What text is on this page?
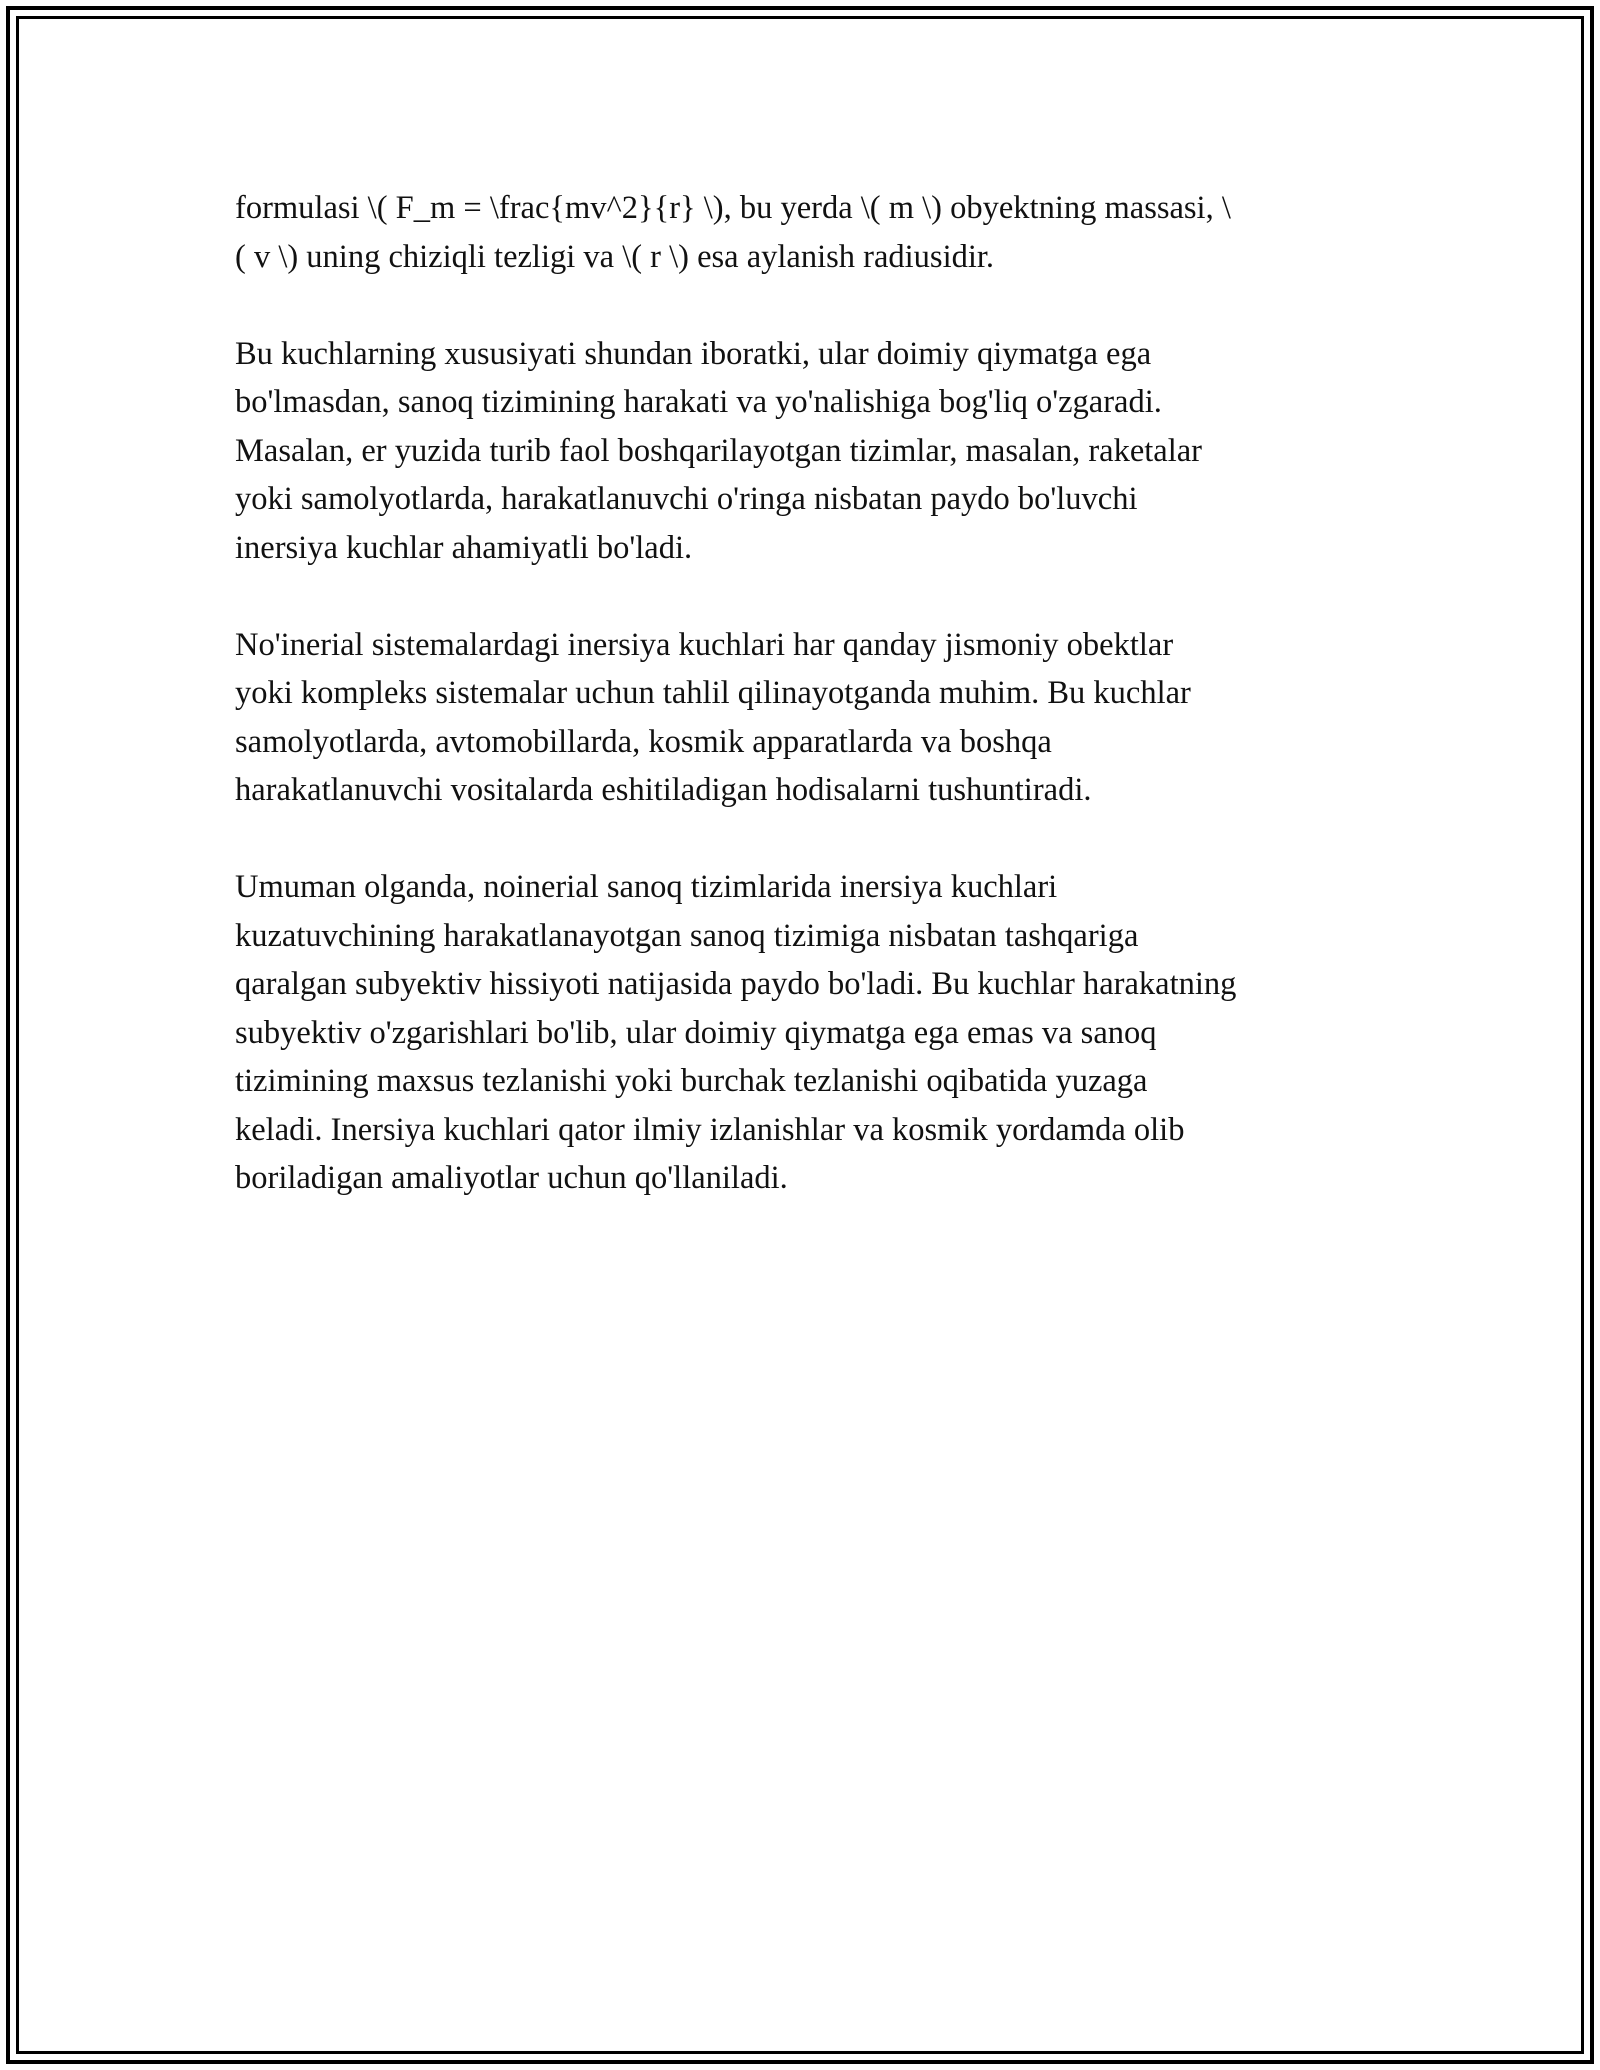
formulasi \( F_m = \frac{mv^2}{r} \), bu yerda \( m \) obyektning massasi, \
( v \) uning chiziqli tezligi va \( r \) esa aylanish radiusidir.

Bu kuchlarning xususiyati shundan iboratki, ular doimiy qiymatga ega
bo'lmasdan, sanoq tizimining harakati va yo'nalishiga bog'liq o'zgaradi.
Masalan, er yuzida turib faol boshqarilayotgan tizimlar, masalan, raketalar
yoki samolyotlarda, harakatlanuvchi o'ringa nisbatan paydo bo'luvchi
inersiya kuchlar ahamiyatli bo'ladi.

No'inerial sistemalardagi inersiya kuchlari har qanday jismoniy obektlar
yoki kompleks sistemalar uchun tahlil qilinayotganda muhim. Bu kuchlar
samolyotlarda, avtomobillarda, kosmik apparatlarda va boshqa
harakatlanuvchi vositalarda eshitiladigan hodisalarni tushuntiradi.

Umuman olganda, noinerial sanoq tizimlarida inersiya kuchlari
kuzatuvchining harakatlanayotgan sanoq tizimiga nisbatan tashqariga
qaralgan subyektiv hissiyoti natijasida paydo bo'ladi. Bu kuchlar harakatning
subyektiv o'zgarishlari bo'lib, ular doimiy qiymatga ega emas va sanoq
tizimining maxsus tezlanishi yoki burchak tezlanishi oqibatida yuzaga
keladi. Inersiya kuchlari qator ilmiy izlanishlar va kosmik yordamda olib
boriladigan amaliyotlar uchun qo'llaniladi.
